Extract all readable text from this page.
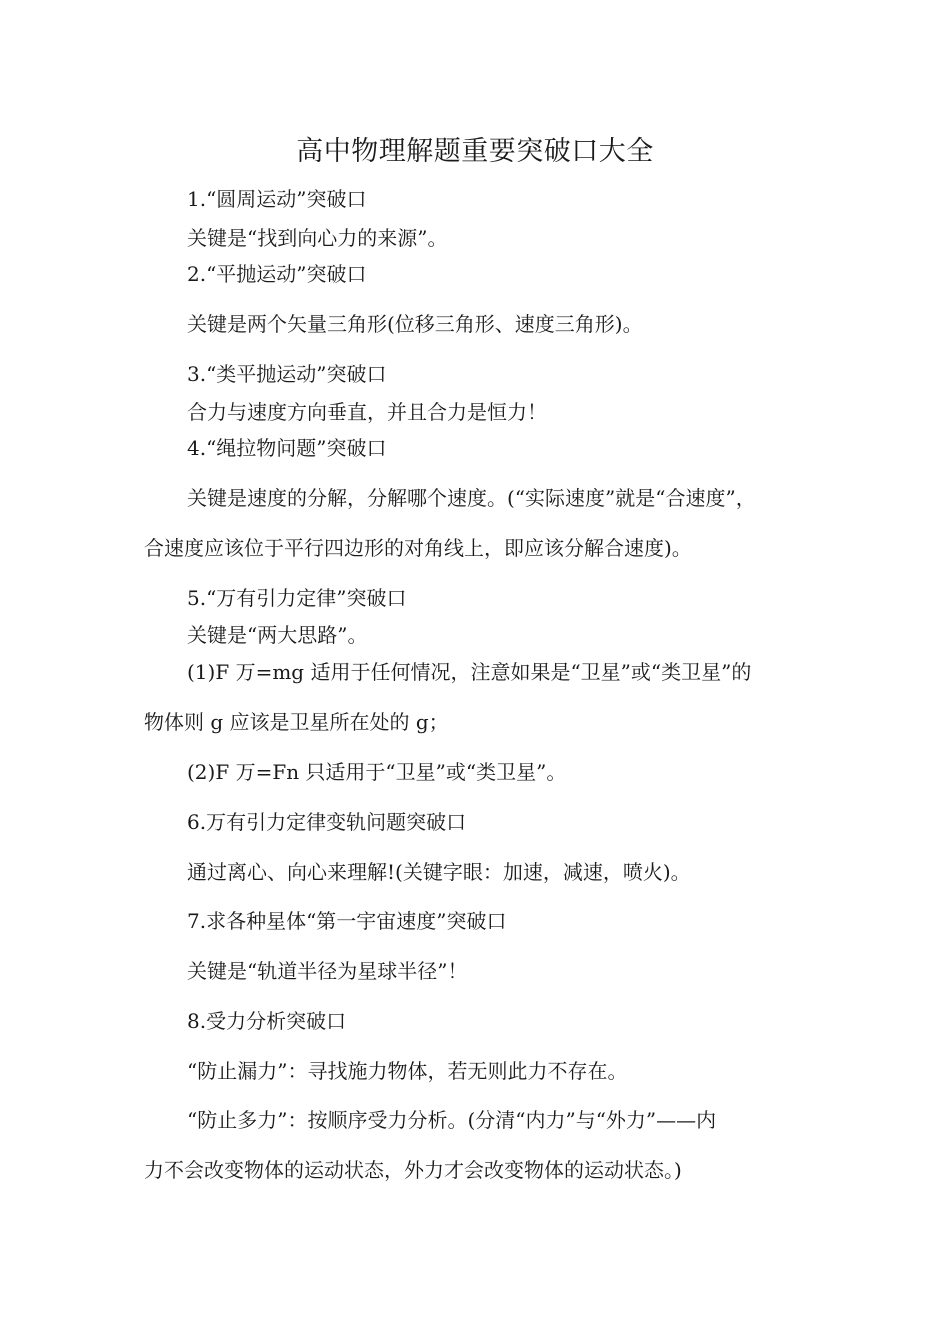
高中物理解题重要突破口大全
1.“圆周运动”突破口
关键是“找到向心力的来源”。
2.“平抛运动”突破口
关键是两个矢量三角形(位移三角形、速度三角形)。
3.“类平抛运动”突破口
合力与速度方向垂直，并且合力是恒力！
4.“绳拉物问题”突破口
关键是速度的分解，分解哪个速度。(“实际速度”就是“合速度”，
合速度应该位于平行四边形的对角线上，即应该分解合速度)。
5.“万有引力定律”突破口
关键是“两大思路”。
(1)F 万=mg 适用于任何情况，注意如果是“卫星”或“类卫星”的
物体则 g 应该是卫星所在处的 g；
(2)F 万=Fn 只适用于“卫星”或“类卫星”。
6.万有引力定律变轨问题突破口
通过离心、向心来理解!(关键字眼：加速，减速，喷火)。
7.求各种星体“第一宇宙速度”突破口
关键是“轨道半径为星球半径”！
8.受力分析突破口
“防止漏力”：寻找施力物体，若无则此力不存在。
“防止多力”：按顺序受力分析。(分清“内力”与“外力”——内
力不会改变物体的运动状态，外力才会改变物体的运动状态。)
